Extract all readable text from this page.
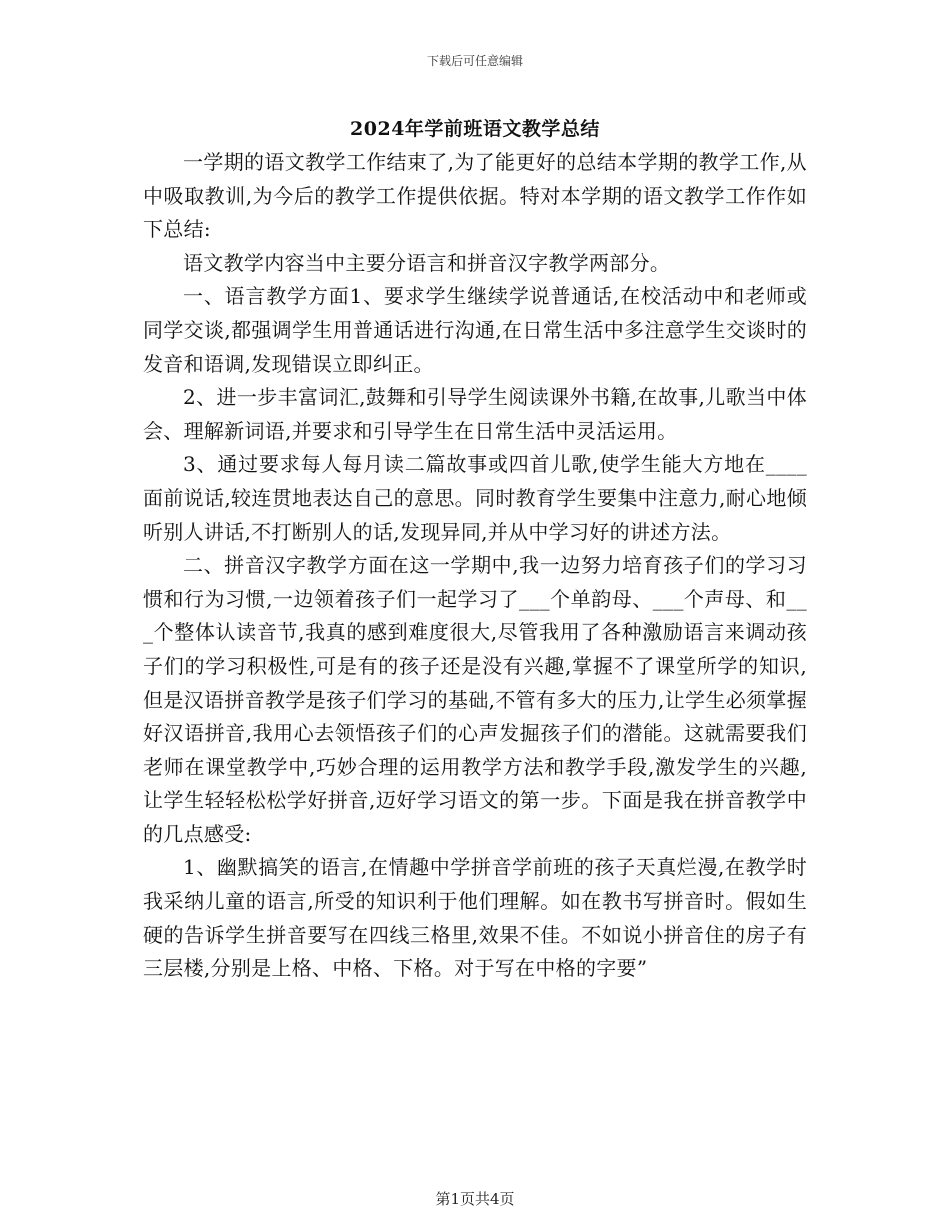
下载后可任意编辑
2024年学前班语文教学总结

一学期的语文教学工作结束了,为了能更好的总结本学期的教学工作,从中吸取教训,为今后的教学工作提供依据。特对本学期的语文教学工作作如下总结:

语文教学内容当中主要分语言和拼音汉字教学两部分。

一、语言教学方面1、要求学生继续学说普通话,在校活动中和老师或同学交谈,都强调学生用普通话进行沟通,在日常生活中多注意学生交谈时的发音和语调,发现错误立即纠正。

2、进一步丰富词汇,鼓舞和引导学生阅读课外书籍,在故事,儿歌当中体会、理解新词语,并要求和引导学生在日常生活中灵活运用。

3、通过要求每人每月读二篇故事或四首儿歌,使学生能大方地在____面前说话,较连贯地表达自己的意思。同时教育学生要集中注意力,耐心地倾听别人讲话,不打断别人的话,发现异同,并从中学习好的讲述方法。

二、拼音汉字教学方面在这一学期中,我一边努力培育孩子们的学习习惯和行为习惯,一边领着孩子们一起学习了___个单韵母、___个声母、和___个整体认读音节,我真的感到难度很大,尽管我用了各种激励语言来调动孩子们的学习积极性,可是有的孩子还是没有兴趣,掌握不了课堂所学的知识,但是汉语拼音教学是孩子们学习的基础,不管有多大的压力,让学生必须掌握好汉语拼音,我用心去领悟孩子们的心声发掘孩子们的潜能。这就需要我们老师在课堂教学中,巧妙合理的运用教学方法和教学手段,激发学生的兴趣,让学生轻轻松松学好拼音,迈好学习语文的第一步。下面是我在拼音教学中的几点感受:

1、幽默搞笑的语言,在情趣中学拼音学前班的孩子天真烂漫,在教学时我采纳儿童的语言,所受的知识利于他们理解。如在教书写拼音时。假如生硬的告诉学生拼音要写在四线三格里,效果不佳。不如说小拼音住的房子有三层楼,分别是上格、中格、下格。对于写在中格的字要”

第1页共4页
